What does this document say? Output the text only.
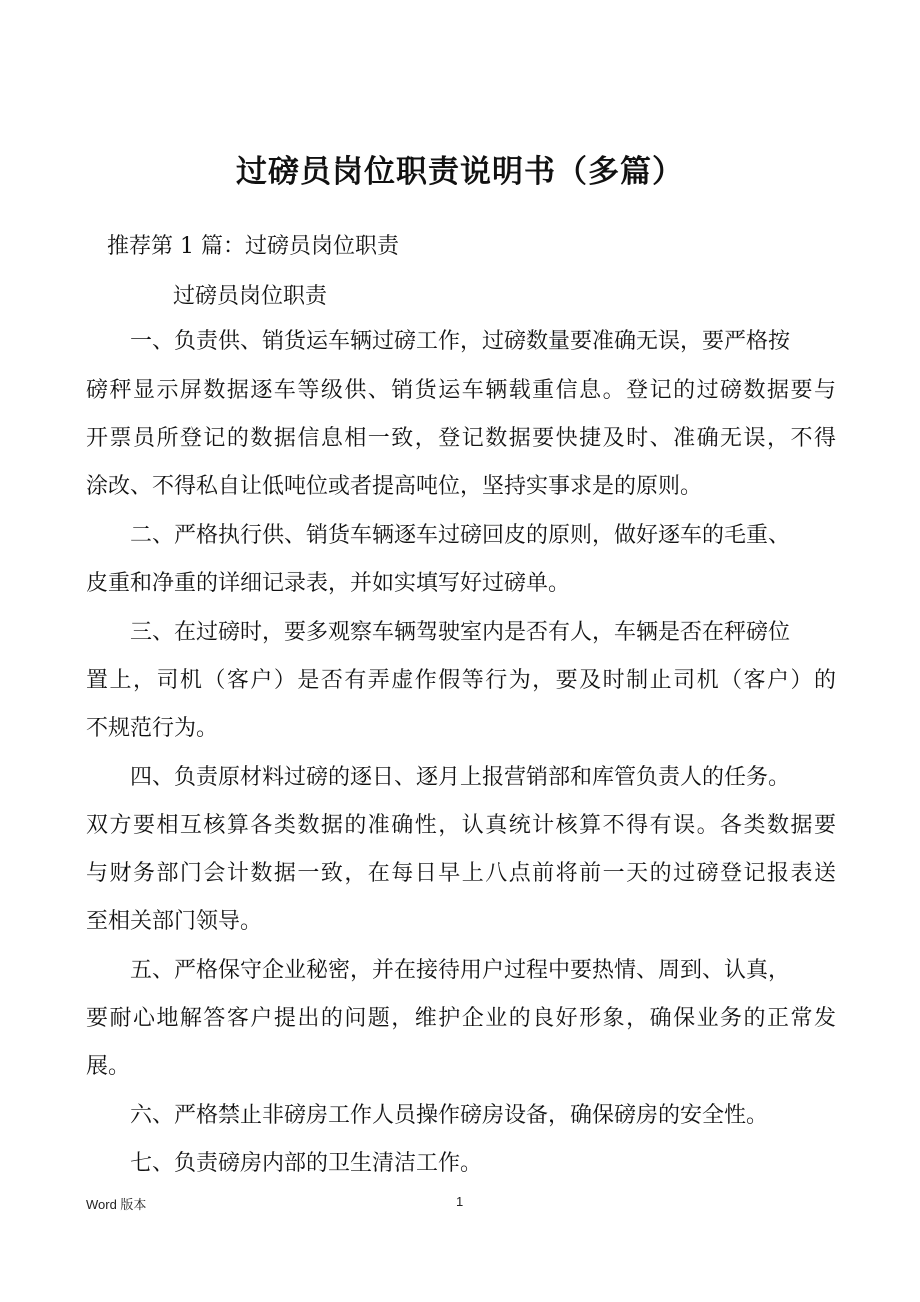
过磅员岗位职责说明书（多篇）
推荐第 1 篇：过磅员岗位职责
过磅员岗位职责
一、负责供、销货运车辆过磅工作，过磅数量要准确无误，要严格按
磅秤显示屏数据逐车等级供、销货运车辆载重信息。登记的过磅数据要与
开票员所登记的数据信息相一致，登记数据要快捷及时、准确无误，不得
涂改、不得私自让低吨位或者提高吨位，坚持实事求是的原则。
二、严格执行供、销货车辆逐车过磅回皮的原则，做好逐车的毛重、
皮重和净重的详细记录表，并如实填写好过磅单。
三、在过磅时，要多观察车辆驾驶室内是否有人，车辆是否在秤磅位
置上，司机（客户）是否有弄虚作假等行为，要及时制止司机（客户）的
不规范行为。
四、负责原材料过磅的逐日、逐月上报营销部和库管负责人的任务。
双方要相互核算各类数据的准确性，认真统计核算不得有误。各类数据要
与财务部门会计数据一致，在每日早上八点前将前一天的过磅登记报表送
至相关部门领导。
五、严格保守企业秘密，并在接待用户过程中要热情、周到、认真，
要耐心地解答客户提出的问题，维护企业的良好形象，确保业务的正常发
展。
六、严格禁止非磅房工作人员操作磅房设备，确保磅房的安全性。
七、负责磅房内部的卫生清洁工作。
Word 版本	1
